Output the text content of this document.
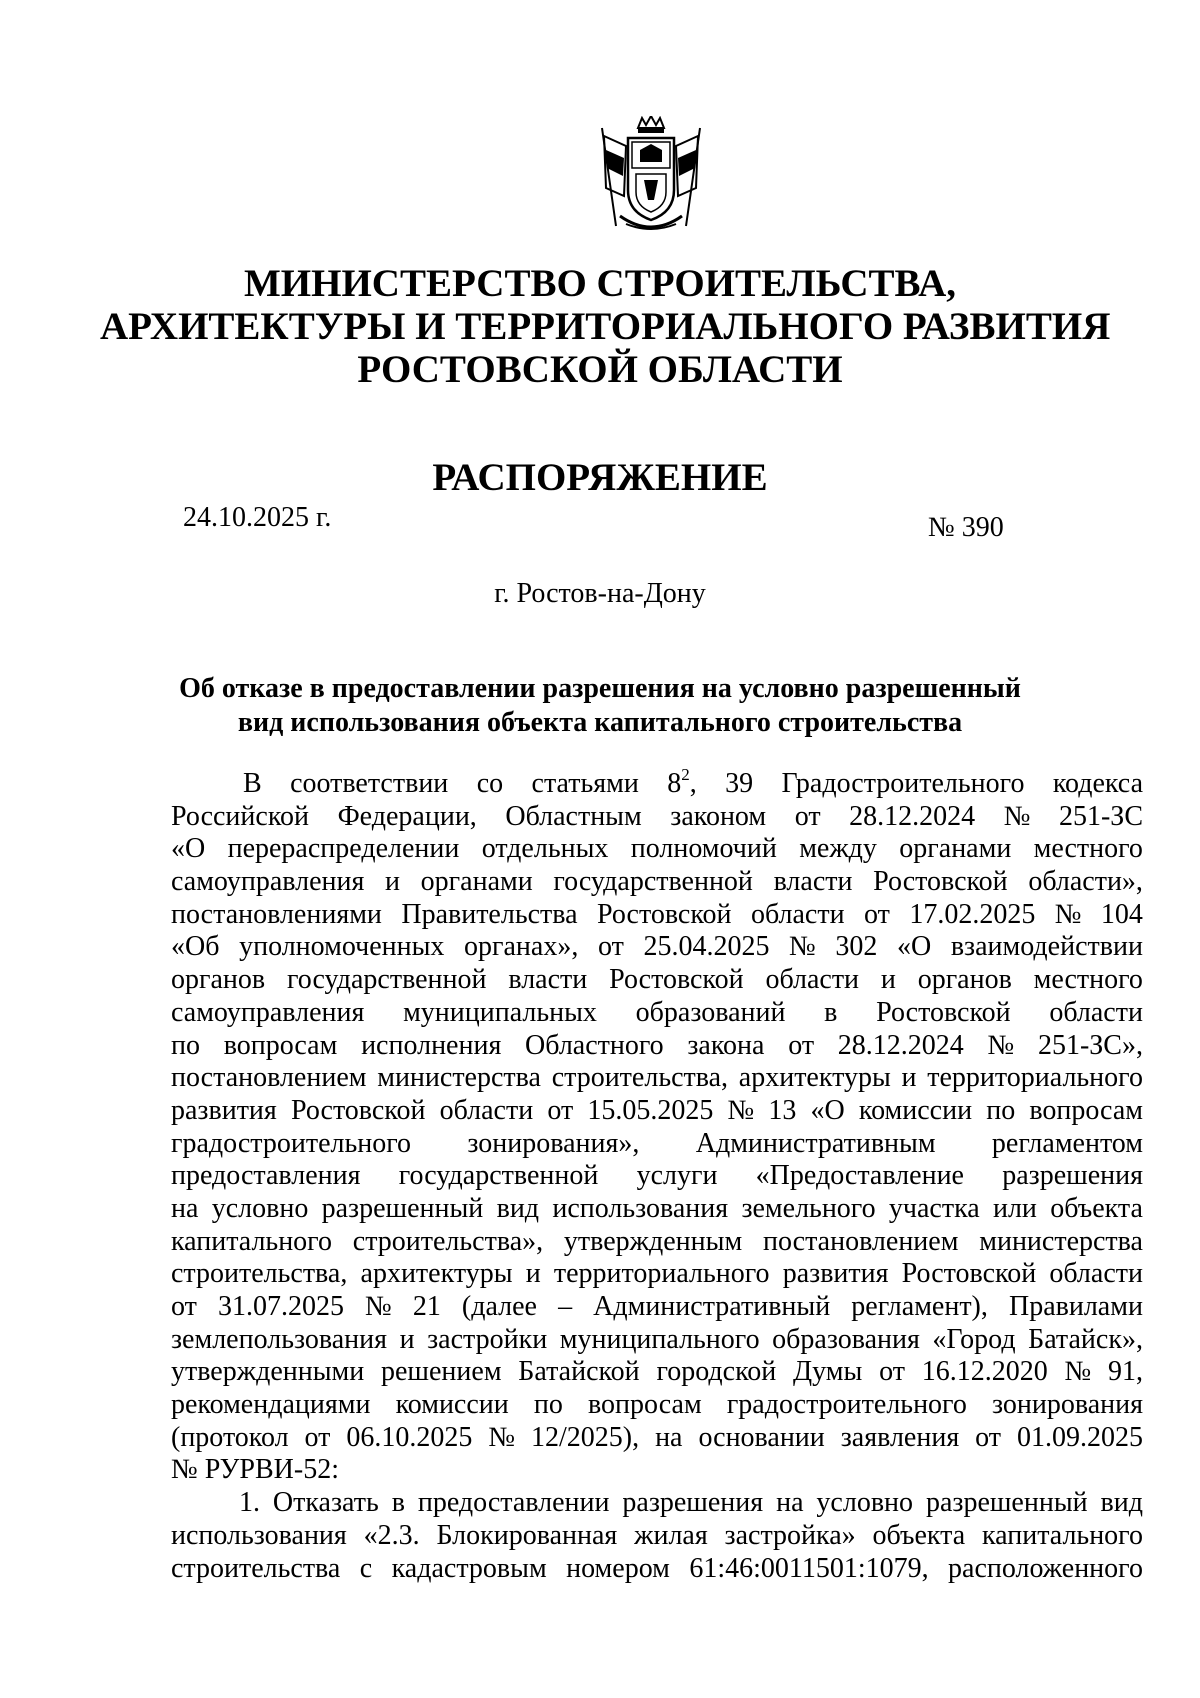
МИНИСТЕРСТВО СТРОИТЕЛЬСТВА,
АРХИТЕКТУРЫ И ТЕРРИТОРИАЛЬНОГО РАЗВИТИЯ
РОСТОВСКОЙ ОБЛАСТИ
РАСПОРЯЖЕНИЕ
24.10.2025 г.	№ 390
г. Ростов-на-Дону
Об отказе в предоставлении разрешения на условно разрешенный
вид использования объекта капитального строительства
В соответствии со статьями $8^2$, 39 Градостроительного кодекса
Российской Федерации, Областным законом от 28.12.2024 № 251-ЗС
«О перераспределении отдельных полномочий между органами местного
самоуправления и органами государственной власти Ростовской области»,
постановлениями Правительства Ростовской области от 17.02.2025 № 104
«Об уполномоченных органах», от 25.04.2025 № 302 «О взаимодействии
органов государственной власти Ростовской области и органов местного
самоуправления муниципальных образований в Ростовской области
по вопросам исполнения Областного закона от 28.12.2024 № 251-ЗС»,
постановлением министерства строительства, архитектуры и территориального
развития Ростовской области от 15.05.2025 № 13 «О комиссии по вопросам
градостроительного зонирования», Административным регламентом
предоставления государственной услуги «Предоставление разрешения
на условно разрешенный вид использования земельного участка или объекта
капитального строительства», утвержденным постановлением министерства
строительства, архитектуры и территориального развития Ростовской области
от 31.07.2025 № 21 (далее – Административный регламент), Правилами
землепользования и застройки муниципального образования «Город Батайск»,
утвержденными решением Батайской городской Думы от 16.12.2020 № 91,
рекомендациями комиссии по вопросам градостроительного зонирования
(протокол от 06.10.2025 № 12/2025), на основании заявления от 01.09.2025
№ РУРВИ-52:
1. Отказать в предоставлении разрешения на условно разрешенный вид
использования «2.3. Блокированная жилая застройка» объекта капитального
строительства с кадастровым номером 61:46:0011501:1079, расположенного
